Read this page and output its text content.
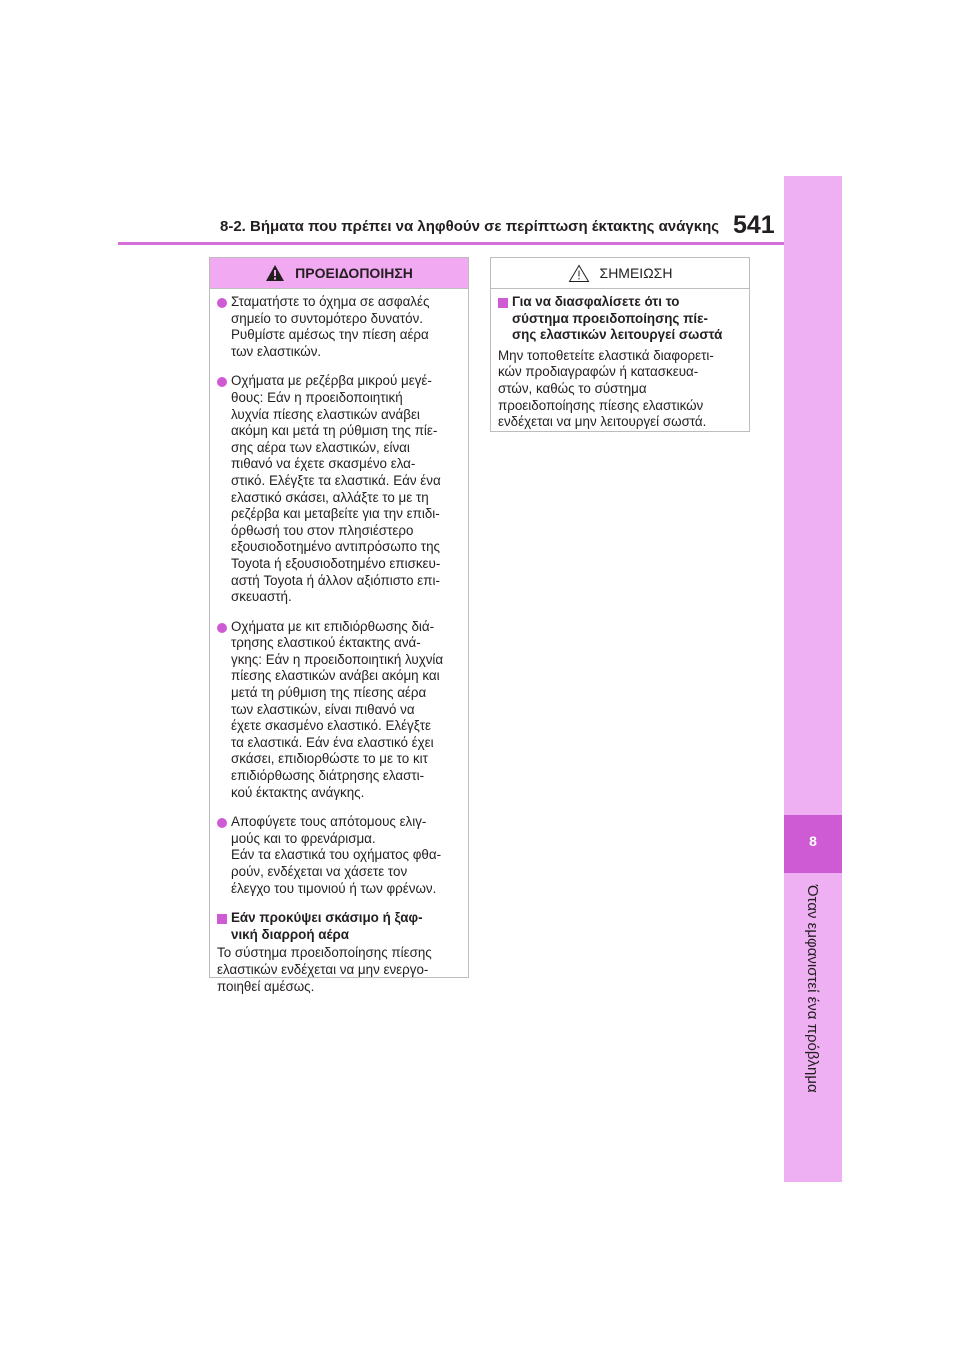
8-2. Βήματα που πρέπει να ληφθούν σε περίπτωση έκτακτης ανάγκης 541
8
Όταν εμφανιστεί ένα πρόβλημα
ΠΡΟΕΙΔΟΠΟΙΗΣΗ
Σταματήστε το όχημα σε ασφαλές
σημείο το συντομότερο δυνατόν.
Ρυθμίστε αμέσως την πίεση αέρα
των ελαστικών.
Οχήματα με ρεζέρβα μικρού μεγέ-
θους: Εάν η προειδοποιητική
λυχνία πίεσης ελαστικών ανάβει
ακόμη και μετά τη ρύθμιση της πίε-
σης αέρα των ελαστικών, είναι
πιθανό να έχετε σκασμένο ελα-
στικό. Ελέγξτε τα ελαστικά. Εάν ένα
ελαστικό σκάσει, αλλάξτε το με τη
ρεζέρβα και μεταβείτε για την επιδι-
όρθωσή του στον πλησιέστερο
εξουσιοδοτημένο αντιπρόσωπο της
Toyota ή εξουσιοδοτημένο επισκευ-
αστή Toyota ή άλλον αξιόπιστο επι-
σκευαστή.
Οχήματα με κιτ επιδιόρθωσης διά-
τρησης ελαστικού έκτακτης ανά-
γκης: Εάν η προειδοποιητική λυχνία
πίεσης ελαστικών ανάβει ακόμη και
μετά τη ρύθμιση της πίεσης αέρα
των ελαστικών, είναι πιθανό να
έχετε σκασμένο ελαστικό. Ελέγξτε
τα ελαστικά. Εάν ένα ελαστικό έχει
σκάσει, επιδιορθώστε το με το κιτ
επιδιόρθωσης διάτρησης ελαστι-
κού έκτακτης ανάγκης.
Αποφύγετε τους απότομους ελιγ-
μούς και το φρενάρισμα.
Εάν τα ελαστικά του οχήματος φθα-
ρούν, ενδέχεται να χάσετε τον
έλεγχο του τιμονιού ή των φρένων.
Εάν προκύψει σκάσιμο ή ξαφ-
νική διαρροή αέρα
Το σύστημα προειδοποίησης πίεσης
ελαστικών ενδέχεται να μην ενεργο-
ποιηθεί αμέσως.
ΣΗΜΕΙΩΣΗ
Για να διασφαλίσετε ότι το
σύστημα προειδοποίησης πίε-
σης ελαστικών λειτουργεί σωστά
Μην τοποθετείτε ελαστικά διαφορετι-
κών προδιαγραφών ή κατασκευα-
στών, καθώς το σύστημα
προειδοποίησης πίεσης ελαστικών
ενδέχεται να μην λειτουργεί σωστά.
